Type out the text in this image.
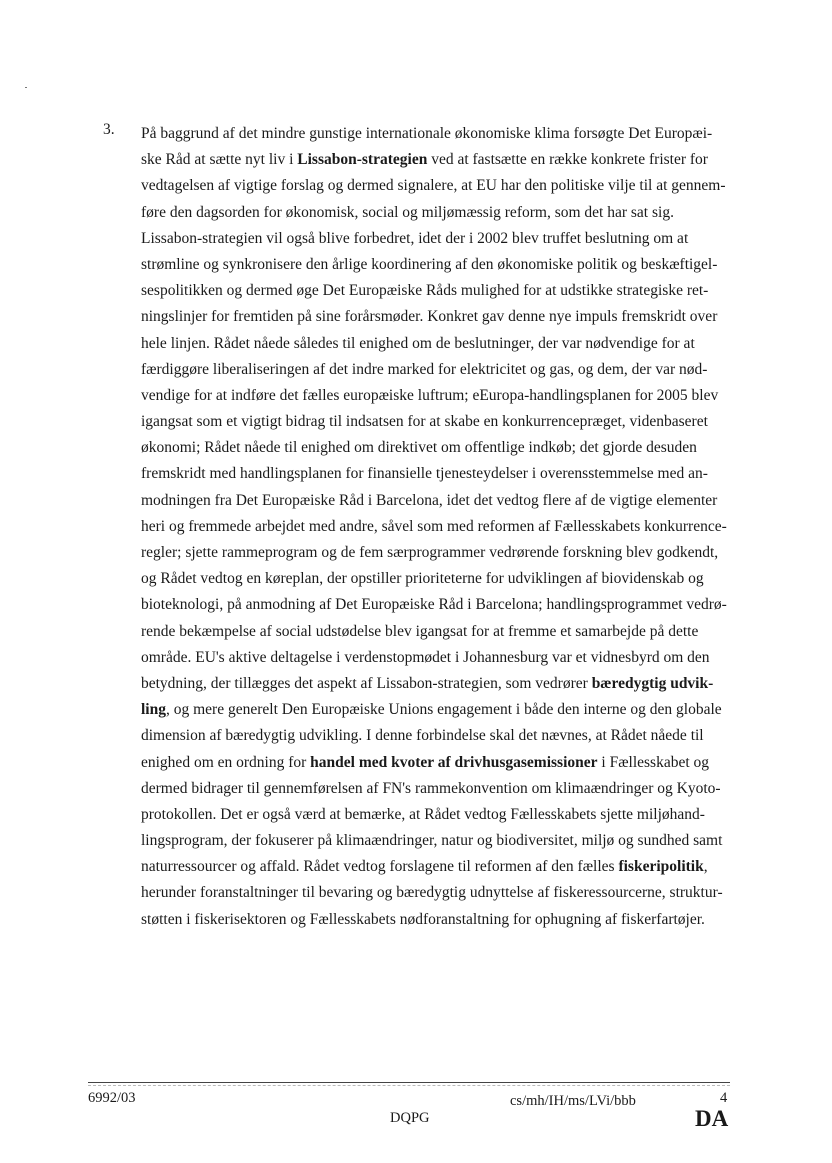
3. På baggrund af det mindre gunstige internationale økonomiske klima forsøgte Det Europæi-
ske Råd at sætte nyt liv i Lissabon-strategien ved at fastsætte en række konkrete frister for
vedtagelsen af vigtige forslag og dermed signalere, at EU har den politiske vilje til at gennem-
føre den dagsorden for økonomisk, social og miljømæssig reform, som det har sat sig.
Lissabon-strategien vil også blive forbedret, idet der i 2002 blev truffet beslutning om at
strømline og synkronisere den årlige koordinering af den økonomiske politik og beskæftigel-
sespolitikken og dermed øge Det Europæiske Råds mulighed for at udstikke strategiske ret-
ningslinjer for fremtiden på sine forårsmøder. Konkret gav denne nye impuls fremskridt over
hele linjen. Rådet nåede således til enighed om de beslutninger, der var nødvendige for at
færdiggøre liberaliseringen af det indre marked for elektricitet og gas, og dem, der var nød-
vendige for at indføre det fælles europæiske luftrum; eEuropa-handlingsplanen for 2005 blev
igangsat som et vigtigt bidrag til indsatsen for at skabe en konkurrencepræget, videnbaseret
økonomi; Rådet nåede til enighed om direktivet om offentlige indkøb; det gjorde desuden
fremskridt med handlingsplanen for finansielle tjenesteydelser i overensstemmelse med an-
modningen fra Det Europæiske Råd i Barcelona, idet det vedtog flere af de vigtige elementer
heri og fremmede arbejdet med andre, såvel som med reformen af Fællesskabets konkurrence-
regler; sjette rammeprogram og de fem særprogrammer vedrørende forskning blev godkendt,
og Rådet vedtog en køreplan, der opstiller prioriteterne for udviklingen af biovidenskab og
bioteknologi, på anmodning af Det Europæiske Råd i Barcelona; handlingsprogrammet vedrø-
rende bekæmpelse af social udstødelse blev igangsat for at fremme et samarbejde på dette
område. EU's aktive deltagelse i verdenstopmødet i Johannesburg var et vidnesbyrd om den
betydning, der tillægges det aspekt af Lissabon-strategien, som vedrører bæredygtig udvik-
ling, og mere generelt Den Europæiske Unions engagement i både den interne og den globale
dimension af bæredygtig udvikling. I denne forbindelse skal det nævnes, at Rådet nåede til
enighed om en ordning for handel med kvoter af drivhusgasemissioner i Fællesskabet og
dermed bidrager til gennemførelsen af FN's rammekonvention om klimaændringer og Kyoto-
protokollen. Det er også værd at bemærke, at Rådet vedtog Fællesskabets sjette miljøhand-
lingsprogram, der fokuserer på klimaændringer, natur og biodiversitet, miljø og sundhed samt
naturressourcer og affald. Rådet vedtog forslagene til reformen af den fælles fiskeripolitik,
herunder foranstaltninger til bevaring og bæredygtig udnyttelse af fiskeressourcerne, struktur-
støtten i fiskerisektoren og Fællesskabets nødforanstaltning for ophugning af fiskerfartøjer.
6992/03	cs/mh/IH/ms/LVi/bbb	4
DQPG	DA
